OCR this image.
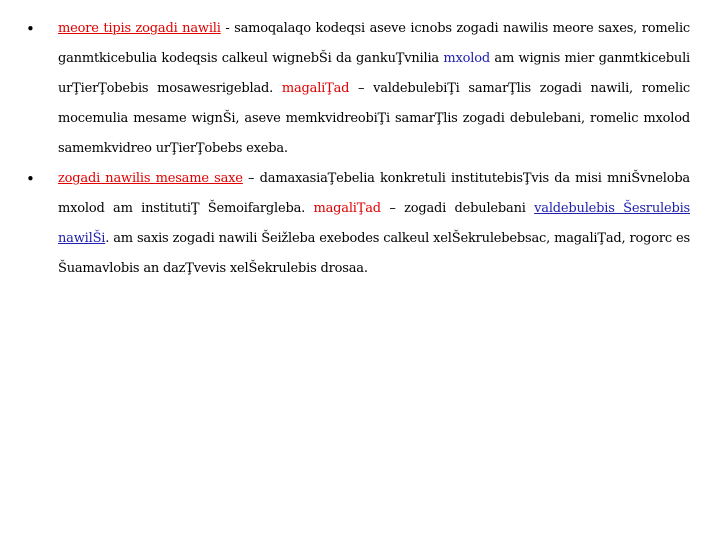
• meore tipis zogadi nawili - samoqalaqo kodeqsi aseve icnobs zogadi nawilis meore saxes, romelic ganmtkicebulia kodeqsis calkeul wignebŠi da gankuŢvnilia mxolod am wignis mier ganmtkicebuli urŢierŢobebis mosawesrigeblad. magaliŢad – valdebulebiŢi samarŢlis zogadi nawili, romelic mocemulia mesame wignŠi, aseve memkvidreobiŢi samarŢlis zogadi debulebani, romelic mxolod samemkvidreo urŢierŢobebs exeba.
• zogadi nawilis mesame saxe – damaxasiaŢebelia konkretuli institutebisŢvis da misi mniŠvneloba mxolod am institutiŢ Šemoifargleba. magaliŢad – zogadi debulebani valdebulebis Šesrulebis nawilŠi. am saxis zogadi nawili Šeižleba exebodes calkeul xelŠekrulebebsac, magaliŢad, rogorc es Šuamavlobis an dazŢvevis xelŠekrulebis drosaa.
